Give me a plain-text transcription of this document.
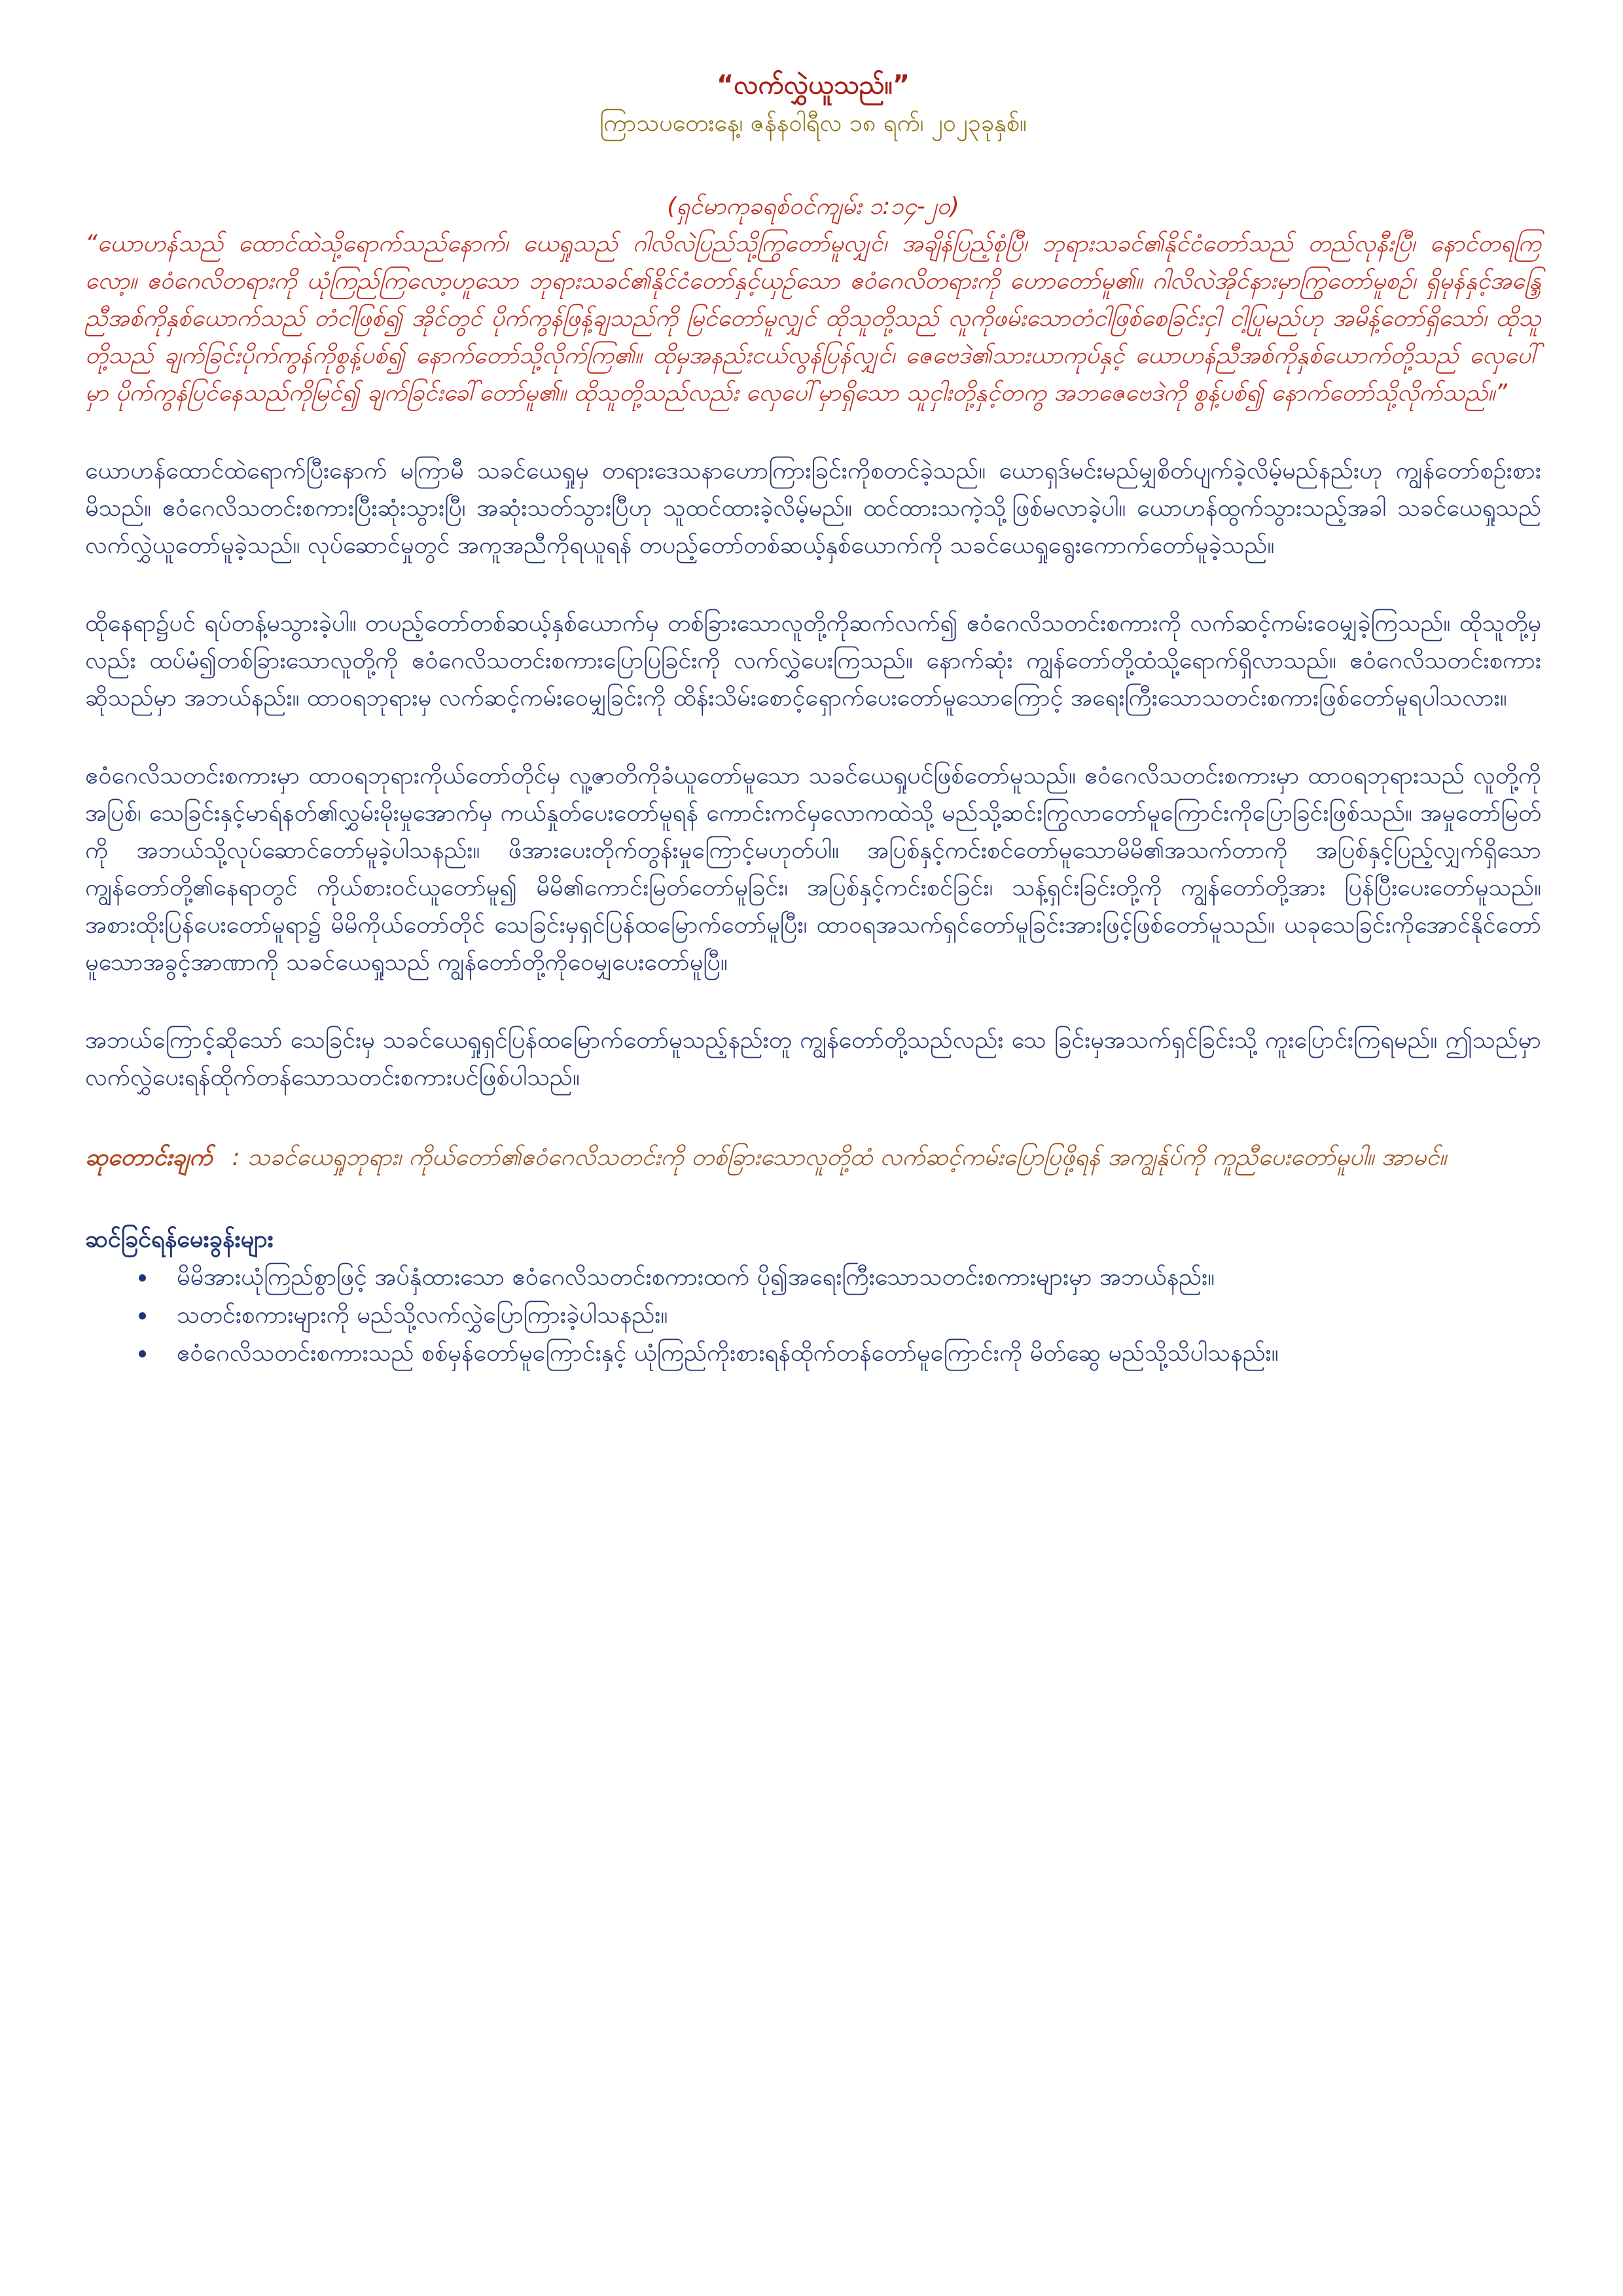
“လက်လွှဲယူသည်။”
ကြာသပတေးနေ့၊ ဇန်နဝါရီလ ၁၈ ရက်၊ ၂၀၂၃ခုနှစ်။
(ရှင်မာကုခရစ်ဝင်ကျမ်း ၁:၁၄-၂၀)
“ယောဟန်သည် ထောင်ထဲသို့ရောက်သည်နောက်၊ ယေရှုသည် ဂါလိလဲပြည်သို့ကြွတော်မူလျှင်၊ အချိန်ပြည့်စုံပြီ၊ ဘုရားသခင်၏နိုင်ငံတော်သည် တည်လုနီးပြီ၊ နောင်တရကြလော့။ ဧဝံဂေလိတရားကို ယုံကြည်ကြလော့ဟူသော ဘုရားသခင်၏နိုင်ငံတော်နှင့်ယှဉ်သော ဧဝံဂေလိတရားကို ဟောတော်မူ၏။ ဂါလိလဲအိုင်နားမှာကြွတော်မူစဉ်၊ ရှိမုန်နှင့်အန္ဒြေညီအစ်ကိုနှစ်ယောက်သည် တံငါဖြစ်၍ အိုင်တွင် ပိုက်ကွန်ဖြန့်ချသည်ကို မြင်တော်မူလျှင် ထိုသူတို့သည် လူကိုဖမ်းသောတံငါဖြစ်စေခြင်းငှါ ငါ့ပြုမည်ဟု အမိန့်တော်ရှိသော်၊ ထိုသူတို့သည် ချက်ခြင်းပိုက်ကွန်ကိုစွန့်ပစ်၍ နောက်တော်သို့လိုက်ကြ၏။ ထိုမှအနည်းငယ်လွန်ပြန်လျှင်၊ ဇေဗေဒဲ၏သားယာကုပ်နှင့် ယောဟန်ညီအစ်ကိုနှစ်ယောက်တို့သည် လှေပေါ်မှာ ပိုက်ကွန်ပြင်နေသည်ကိုမြင်၍ ချက်ခြင်းခေါ်တော်မူ၏။ ထိုသူတို့သည်လည်း လှေပေါ်မှာရှိသော သူငှါးတို့နှင့်တကွ အဘဇေဗေဒဲကို စွန့်ပစ်၍ နောက်တော်သို့လိုက်သည်။”
ယောဟန်ထောင်ထဲရောက်ပြီးနောက် မကြာမီ သခင်ယေရှုမှ တရားဒေသနာဟောကြားခြင်းကိုစတင်ခဲ့သည်။ ယောရှဒ်မင်းမည်မျှစိတ်ပျက်ခဲ့လိမ့်မည်နည်းဟု ကျွန်တော်စဉ်းစားမိသည်။ ဧဝံဂေလိသတင်းစကားပြီးဆုံးသွားပြီ၊ အဆုံးသတ်သွားပြီဟု သူထင်ထားခဲ့လိမ့်မည်။ ထင်ထားသကဲ့သို့ဖြစ်မလာခဲ့ပါ။ ယောဟန်ထွက်သွားသည့်အခါ သခင်ယေရှုသည် လက်လွှဲယူတော်မူခဲ့သည်။ လုပ်ဆောင်မှုတွင် အကူအညီကိုရယူရန် တပည့်တော်တစ်ဆယ့်နှစ်ယောက်ကို သခင်ယေရှုရွေးကောက်တော်မူခဲ့သည်။
ထိုနေရာ၌ပင် ရပ်တန့်မသွားခဲ့ပါ။ တပည့်တော်တစ်ဆယ့်နှစ်ယောက်မှ တစ်ခြားသောလူတို့ကိုဆက်လက်၍ ဧဝံဂေလိသတင်းစကားကို လက်ဆင့်ကမ်းဝေမျှခဲ့ကြသည်။ ထိုသူတို့မှလည်း ထပ်မံ၍တစ်ခြားသောလူတို့ကို ဧဝံဂေလိသတင်းစကားပြောပြခြင်းကို လက်လွှဲပေးကြသည်။ နောက်ဆုံး ကျွန်တော်တို့ထံသို့ရောက်ရှိလာသည်။ ဧဝံဂေလိသတင်းစကားဆိုသည်မှာ အဘယ်နည်း။ ထာဝရဘုရားမှ လက်ဆင့်ကမ်းဝေမျှခြင်းကို ထိန်းသိမ်းစောင့်ရှောက်ပေးတော်မူသောကြောင့် အရေးကြီးသောသတင်းစကားဖြစ်တော်မူရပါသလား။
ဧဝံဂေလိသတင်းစကားမှာ ထာဝရဘုရားကိုယ်တော်တိုင်မှ လူ့ဇာတိကိုခံယူတော်မူသော သခင်ယေရှုပင်ဖြစ်တော်မူသည်။ ဧဝံဂေလိသတင်းစကားမှာ ထာဝရဘုရားသည် လူတို့ကို အပြစ်၊ သေခြင်းနှင့်မာရ်နတ်၏လွှမ်းမိုးမှုအောက်မှ ကယ်နှုတ်ပေးတော်မူရန် ကောင်းကင်မှလောကထဲသို့ မည်သို့ဆင်းကြွလာတော်မူကြောင်းကိုပြောခြင်းဖြစ်သည်။ အမှုတော်မြတ်ကို အဘယ်သို့လုပ်ဆောင်တော်မူခဲ့ပါသနည်း။ ဖိအားပေးတိုက်တွန်းမှုကြောင့်မဟုတ်ပါ။ အပြစ်နှင့်ကင်းစင်တော်မူသောမိမိ၏အသက်တာကို အပြစ်နှင့်ပြည့်လျှက်ရှိသောကျွန်တော်တို့၏နေရာတွင် ကိုယ်စားဝင်ယူတော်မူ၍ မိမိ၏ကောင်းမြတ်တော်မူခြင်း၊ အပြစ်နှင့်ကင်းစင်ခြင်း၊ သန့်ရှင်းခြင်းတို့ကို ကျွန်တော်တို့အား ပြန်ပြီးပေးတော်မူသည်။ အစားထိုးပြန်ပေးတော်မူရာ၌ မိမိကိုယ်တော်တိုင် သေခြင်းမှရှင်ပြန်ထမြောက်တော်မူပြီး၊ ထာဝရအသက်ရှင်တော်မူခြင်းအားဖြင့်ဖြစ်တော်မူသည်။ ယခုသေခြင်းကိုအောင်နိုင်တော်မူသောအခွင့်အာဏာကို သခင်ယေရှုသည် ကျွန်တော်တို့ကိုဝေမျှပေးတော်မူပြီ။
အဘယ်ကြောင့်ဆိုသော် သေခြင်းမှ သခင်ယေရှုရှင်ပြန်ထမြောက်တော်မူသည့်နည်းတူ ကျွန်တော်တို့သည်လည်း သေ ခြင်းမှအသက်ရှင်ခြင်းသို့ ကူးပြောင်းကြရမည်။ ဤသည်မှာ လက်လွှဲပေးရန်ထိုက်တန်သောသတင်းစကားပင်ဖြစ်ပါသည်။
ဆုတောင်းချက် : သခင်ယေရှုဘုရား၊ ကိုယ်တော်၏ဧဝံဂေလိသတင်းကို တစ်ခြားသောလူတို့ထံ လက်ဆင့်ကမ်းပြောပြဖို့ရန် အကျွန်ုပ်ကို ကူညီပေးတော်မူပါ။ အာမင်။
ဆင်ခြင်ရန်မေးခွန်းများ
• မိမိအားယုံကြည်စွာဖြင့် အပ်နှံထားသော ဧဝံဂေလိသတင်းစကားထက် ပို၍အရေးကြီးသောသတင်းစကားများမှာ အဘယ်နည်း။
• သတင်းစကားများကို မည်သို့လက်လွှဲပြောကြားခဲ့ပါသနည်း။
• ဧဝံဂေလိသတင်းစကားသည် စစ်မှန်တော်မူကြောင်းနှင့် ယုံကြည်ကိုးစားရန်ထိုက်တန်တော်မူကြောင်းကို မိတ်ဆွေ မည်သို့သိပါသနည်း။
